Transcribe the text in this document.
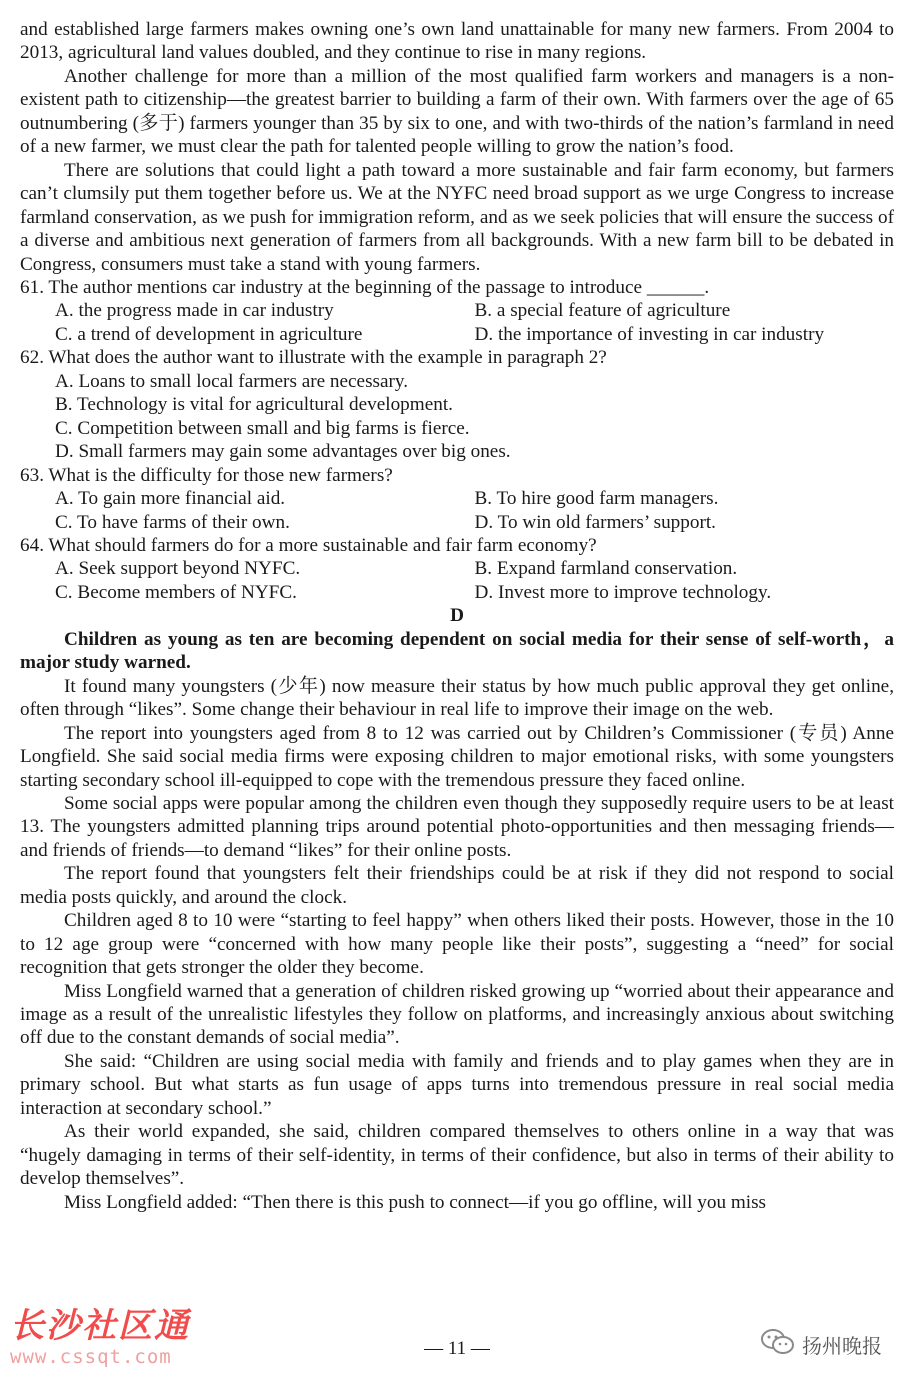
and established large farmers makes owning one’s own land unattainable for many new farmers. From 2004 to 2013, agricultural land values doubled, and they continue to rise in many regions.

Another challenge for more than a million of the most qualified farm workers and managers is a non-existent path to citizenship—the greatest barrier to building a farm of their own. With farmers over the age of 65 outnumbering (多于) farmers younger than 35 by six to one, and with two-thirds of the nation’s farmland in need of a new farmer, we must clear the path for talented people willing to grow the nation’s food.

There are solutions that could light a path toward a more sustainable and fair farm economy, but farmers can’t clumsily put them together before us. We at the NYFC need broad support as we urge Congress to increase farmland conservation, as we push for immigration reform, and as we seek policies that will ensure the success of a diverse and ambitious next generation of farmers from all backgrounds. With a new farm bill to be debated in Congress, consumers must take a stand with young farmers.

61. The author mentions car industry at the beginning of the passage to introduce ______.
A. the progress made in car industry	B. a special feature of agriculture
C. a trend of development in agriculture	D. the importance of investing in car industry
62. What does the author want to illustrate with the example in paragraph 2?
A. Loans to small local farmers are necessary.
B. Technology is vital for agricultural development.
C. Competition between small and big farms is fierce.
D. Small farmers may gain some advantages over big ones.
63. What is the difficulty for those new farmers?
A. To gain more financial aid.	B. To hire good farm managers.
C. To have farms of their own.	D. To win old farmers’ support.
64. What should farmers do for a more sustainable and fair farm economy?
A. Seek support beyond NYFC.	B. Expand farmland conservation.
C. Become members of NYFC.	D. Invest more to improve technology.
D

Children as young as ten are becoming dependent on social media for their sense of self-worth，a major study warned.

It found many youngsters (少年) now measure their status by how much public approval they get online, often through “likes”. Some change their behaviour in real life to improve their image on the web.

The report into youngsters aged from 8 to 12 was carried out by Children’s Commissioner (专员) Anne Longfield. She said social media firms were exposing children to major emotional risks, with some youngsters starting secondary school ill-equipped to cope with the tremendous pressure they faced online.

Some social apps were popular among the children even though they supposedly require users to be at least 13. The youngsters admitted planning trips around potential photo-opportunities and then messaging friends—and friends of friends—to demand “likes” for their online posts.

The report found that youngsters felt their friendships could be at risk if they did not respond to social media posts quickly, and around the clock.

Children aged 8 to 10 were “starting to feel happy” when others liked their posts. However, those in the 10 to 12 age group were “concerned with how many people like their posts”, suggesting a “need” for social recognition that gets stronger the older they become.

Miss Longfield warned that a generation of children risked growing up “worried about their appearance and image as a result of the unrealistic lifestyles they follow on platforms, and increasingly anxious about switching off due to the constant demands of social media”.

She said: “Children are using social media with family and friends and to play games when they are in primary school. But what starts as fun usage of apps turns into tremendous pressure in real social media interaction at secondary school.”

As their world expanded, she said, children compared themselves to others online in a way that was “hugely damaging in terms of their self-identity, in terms of their confidence, but also in terms of their ability to develop themselves”.

Miss Longfield added: “Then there is this push to connect—if you go offline, will you miss

— 11 —
长沙社区通
www.cssqt.com	扬州晚报
